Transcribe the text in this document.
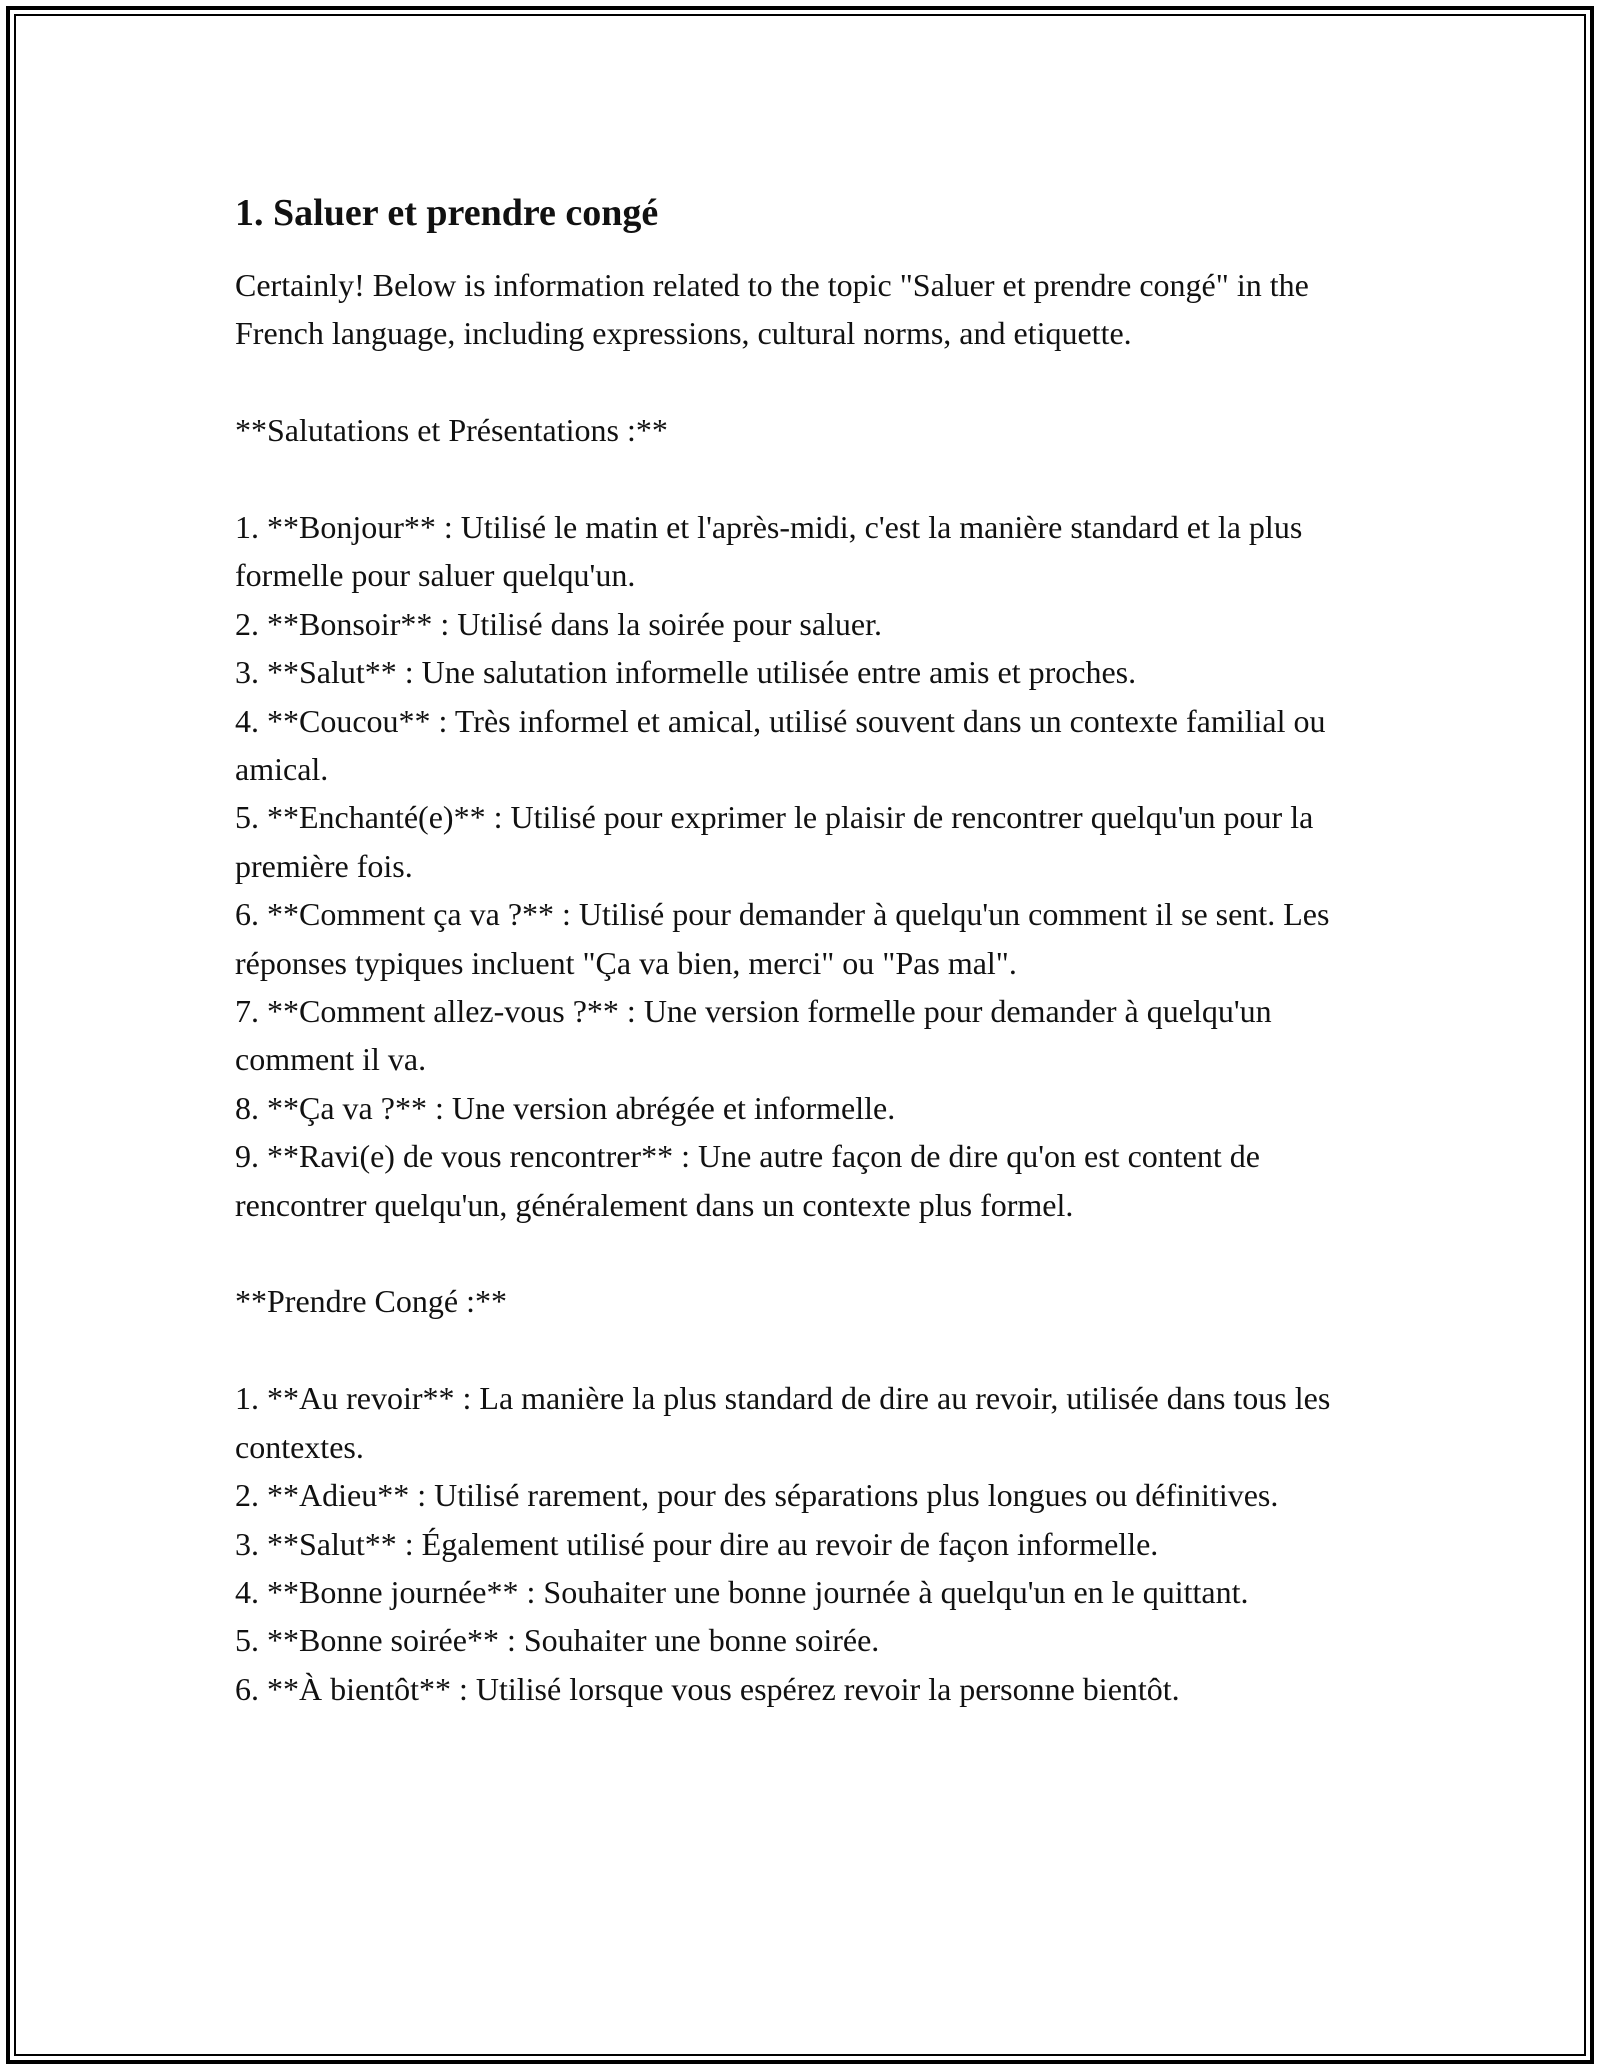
1. Saluer et prendre congé

Certainly! Below is information related to the topic "Saluer et prendre congé" in the French language, including expressions, cultural norms, and etiquette.

**Salutations et Présentations :**

1. **Bonjour** : Utilisé le matin et l'après-midi, c'est la manière standard et la plus formelle pour saluer quelqu'un.

2. **Bonsoir** : Utilisé dans la soirée pour saluer.

3. **Salut** : Une salutation informelle utilisée entre amis et proches.

4. **Coucou** : Très informel et amical, utilisé souvent dans un contexte familial ou amical.

5. **Enchanté(e)** : Utilisé pour exprimer le plaisir de rencontrer quelqu'un pour la première fois.

6. **Comment ça va ?** : Utilisé pour demander à quelqu'un comment il se sent. Les réponses typiques incluent "Ça va bien, merci" ou "Pas mal".

7. **Comment allez-vous ?** : Une version formelle pour demander à quelqu'un comment il va.

8. **Ça va ?** : Une version abrégée et informelle.

9. **Ravi(e) de vous rencontrer** : Une autre façon de dire qu'on est content de rencontrer quelqu'un, généralement dans un contexte plus formel.

**Prendre Congé :**

1. **Au revoir** : La manière la plus standard de dire au revoir, utilisée dans tous les contextes.

2. **Adieu** : Utilisé rarement, pour des séparations plus longues ou définitives.

3. **Salut** : Également utilisé pour dire au revoir de façon informelle.

4. **Bonne journée** : Souhaiter une bonne journée à quelqu'un en le quittant.

5. **Bonne soirée** : Souhaiter une bonne soirée.

6. **À bientôt** : Utilisé lorsque vous espérez revoir la personne bientôt.
